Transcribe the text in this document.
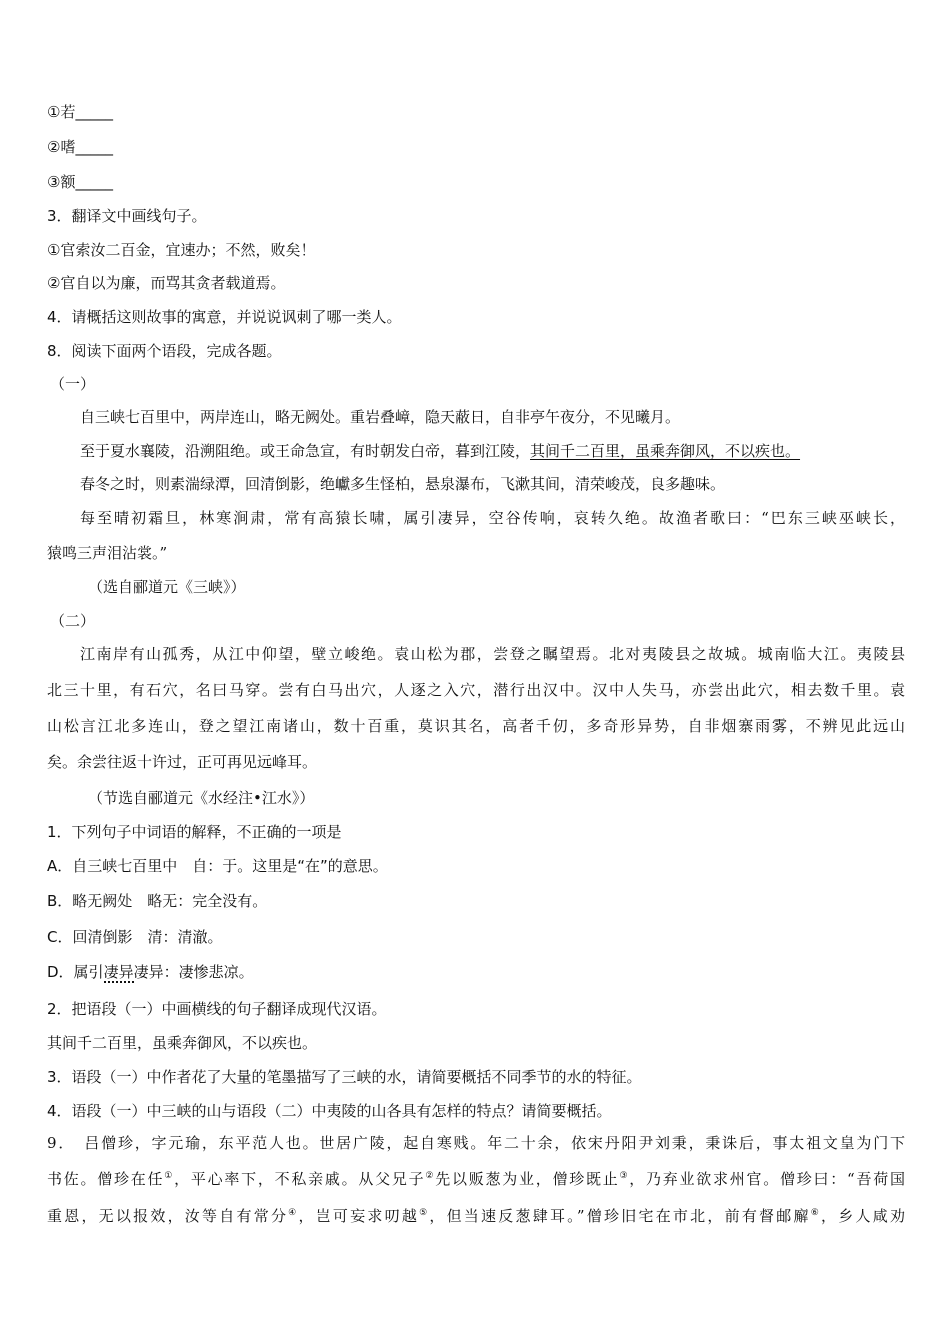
①若_____
②嗜_____
③额_____
3．翻译文中画线句子。
①官索汝二百金，宜速办；不然，败矣！
②官自以为廉，而骂其贪者载道焉。
4．请概括这则故事的寓意，并说说讽刺了哪一类人。
8．阅读下面两个语段，完成各题。
（一）
自三峡七百里中，两岸连山，略无阙处。重岩叠嶂，隐天蔽日，自非亭午夜分，不见曦月。
至于夏水襄陵，沿溯阻绝。或王命急宣，有时朝发白帝，暮到江陵，其间千二百里，虽乘奔御风，不以疾也。
春冬之时，则素湍绿潭，回清倒影，绝巘多生怪柏，悬泉瀑布，飞漱其间，清荣峻茂，良多趣味。
每至晴初霜旦，林寒涧肃，常有高猿长啸，属引凄异，空谷传响，哀转久绝。故渔者歌曰：“巴东三峡巫峡长，
猿鸣三声泪沾裳。”
（选自郦道元《三峡》）
（二）
江南岸有山孤秀，从江中仰望，壁立峻绝。袁山松为郡，尝登之瞩望焉。北对夷陵县之故城。城南临大江。夷陵县
北三十里，有石穴，名曰马穿。尝有白马出穴，人逐之入穴，潜行出汉中。汉中人失马，亦尝出此穴，相去数千里。袁
山松言江北多连山，登之望江南诸山，数十百重，莫识其名，高者千仞，多奇形异势，自非烟寨雨雾，不辨见此远山
矣。余尝往返十许过，正可再见远峰耳。
（节选自郦道元《水经注•江水》）
1．下列句子中词语的解释，不正确的一项是
A．自三峡七百里中　自：于。这里是“在”的意思。
B．略无阙处　略无：完全没有。
C．回清倒影　清：清澈。
D．属引凄异凄异：凄惨悲凉。
2．把语段（一）中画横线的句子翻译成现代汉语。
其间千二百里，虽乘奔御风，不以疾也。
3．语段（一）中作者花了大量的笔墨描写了三峡的水，请简要概括不同季节的水的特征。
4．语段（一）中三峡的山与语段（二）中夷陵的山各具有怎样的特点？请简要概括。
9．　吕僧珍，字元瑜，东平范人也。世居广陵，起自寒贱。年二十余，依宋丹阳尹刘秉，秉诛后，事太祖文皇为门下
书佐。僧珍在任①，平心率下，不私亲戚。从父兄子②先以贩葱为业，僧珍既止③，乃弃业欲求州官。僧珍曰：“吾荷国
重恩，无以报效，汝等自有常分④，岂可妄求叨越⑤，但当速反葱肆耳。”僧珍旧宅在市北，前有督邮廨⑥，乡人咸劝
